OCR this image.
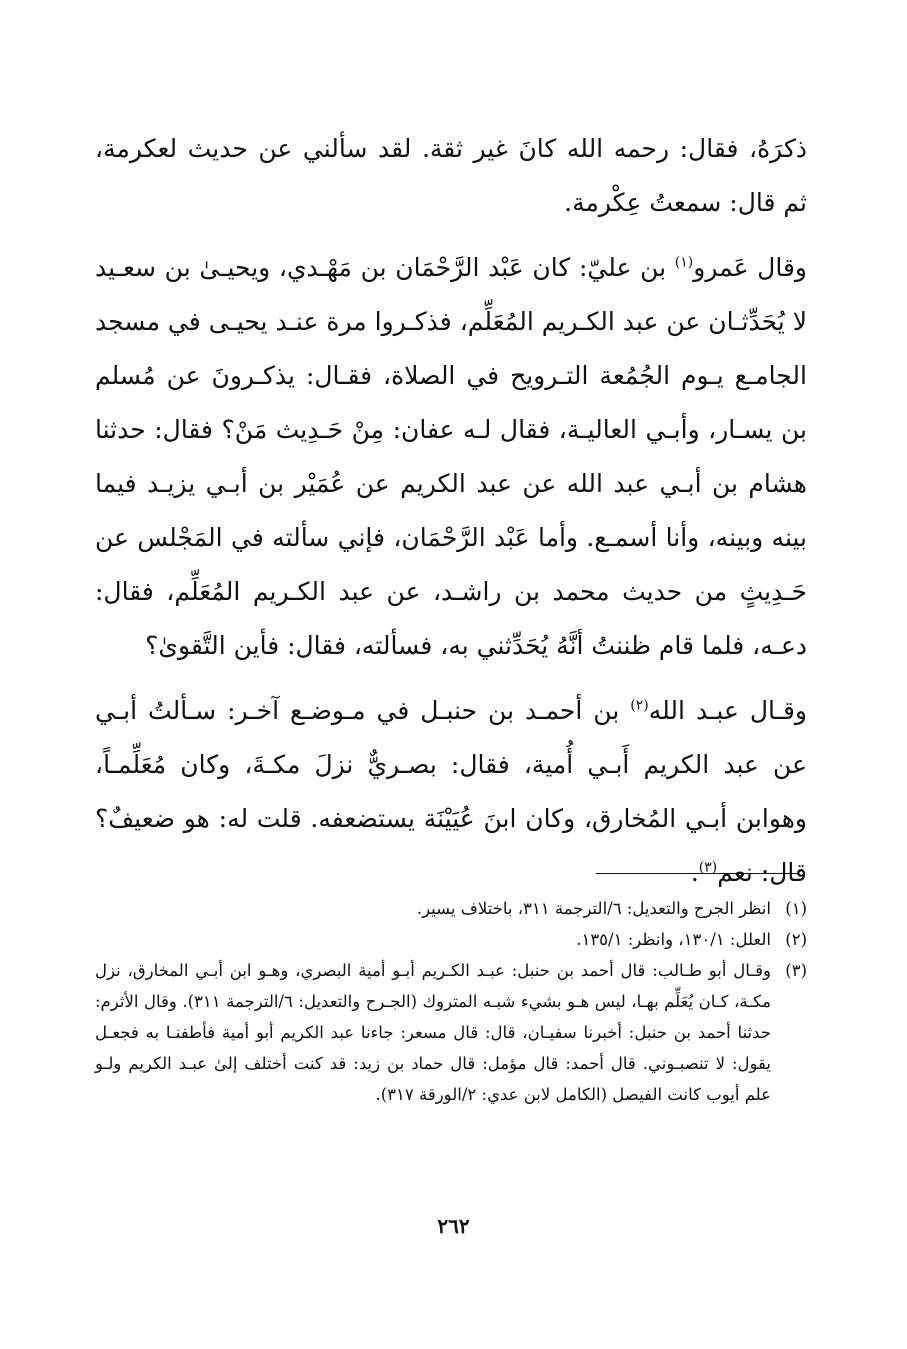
ذكرَهُ، فقال: رحمه الله كانَ غير ثقة. لقد سألني عن حديث لعكرمة، ثم قال: سمعتُ عِكْرمة.

وقال عَمرو$^{(١)}$ بن عليّ: كان عَبْد الرَّحْمَان بن مَهْـدي، ويحيـىٰ بن سعـيد لا يُحَدِّثـان عن عبد الكـريم المُعَلِّم، فذكـروا مرة عنـد يحيـى في مسجد الجامـع يـوم الجُمُعة التـرويح في الصلاة، فقـال: يذكـرونَ عن مُسلم بن يسـار، وأبـي العاليـة، فقال لـه عفان: مِنْ حَـدِيث مَنْ؟ فقال: حدثنا هشام بن أبـي عبد الله عن عبد الكريم عن عُمَيْر بن أبـي يزيـد فيما بينه وبينه، وأنا أسمـع. وأما عَبْد الرَّحْمَان، فإني سألته في المَجْلس عن حَـدِيثٍ من حديث محمد بن راشـد، عن عبد الكـريم المُعَلِّم، فقال: دعـه، فلما قام ظننتُ أنَّهُ يُحَدِّثني به، فسألته، فقال: فأين التَّقوىٰ؟

وقـال عبـد الله$^{(٢)}$ بن أحمـد بن حنبـل في مـوضـع آخـر: سـألتُ أبـي عن عبد الكريم أَبـي أُمية، فقال: بصـريٌّ نزلَ مكـةَ، وكان مُعَلِّمـاً، وهوابن أبـي المُخارق، وكان ابنَ عُيَيْنَة يستضعفه. قلت له: هو ضعيفٌ؟ قال: نعم$^{(٣)}$.

(١)
انظر الجرح والتعديل: ٦/الترجمة ٣١١، باختلاف يسير.
(٢)
العلل: ١٣٠/١، وانظر: ١٣٥/١.
(٣)
وقـال أبو طـالب: قال أحمد بن حنبل: عبـد الكـريم أبـو أمية البصري، وهـو ابن أبـي المخارق، نزل مكـة، كـان يُعَلِّم بهـا، ليس هـو بشيء شبـه المتروك (الجـرح والتعديل: ٦/الترجمة ٣١١). وقال الأثرم: حدثنا أحمد بن حنبل: أخبرنا سفيـان، قال: قال مسعر: جاءنا عبد الكريم أبو أمية فأطفنـا به فجعـل يقول: لا تنصبـوني. قال أحمد: قال مؤمل: قال حماد بن زيد: قد كنت أختلف إلىٰ عبـد الكريم ولـو علم أيوب كانت الفيصل (الكامل لابن عدي: ٢/الورقة ٣١٧).
٢٦٢
